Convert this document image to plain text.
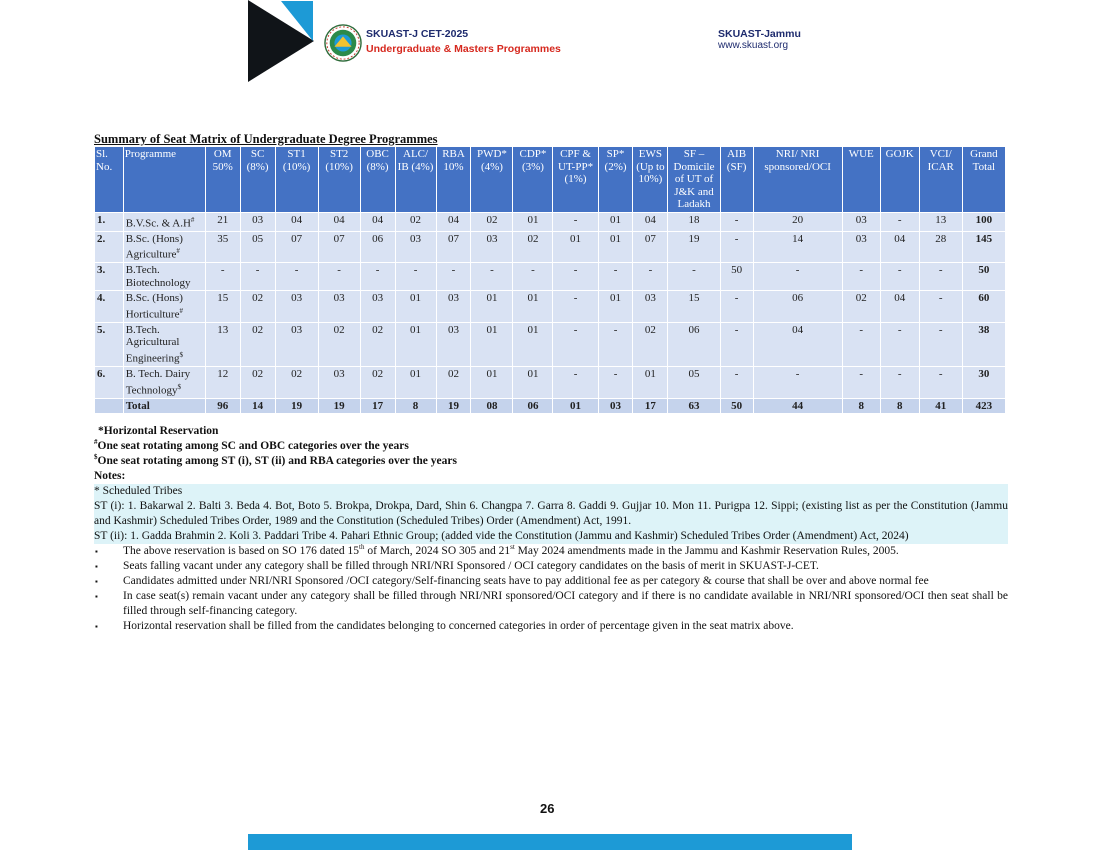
SKUAST-J CET-2025
Undergraduate & Masters Programmes
SKUAST-Jammu
www.skuast.org
Summary of Seat Matrix of Undergraduate Degree Programmes
Sl. No.	Programme	OM 50%	SC (8%)	ST1 (10%)	ST2 (10%)	OBC (8%)	ALC/ IB (4%)	RBA 10%	PWD* (4%)	CDP* (3%)	CPF & UT-PP* (1%)	SP* (2%)	EWS (Up to 10%)	SF – Domicile of UT of J&K and Ladakh	AIB (SF)	NRI/ NRI sponsored/OCI	WUE	GOJK	VCI/ ICAR	Grand Total
1.	B.V.Sc. & A.H#	21	03	04	04	04	02	04	02	01	-	01	04	18	-	20	03	-	13	100
2.	B.Sc. (Hons) Agriculture#	35	05	07	07	06	03	07	03	02	01	01	07	19	-	14	03	04	28	145
3.	B.Tech. Biotechnology	-	-	-	-	-	-	-	-	-	-	-	-	-	50	-	-	-	-	50
4.	B.Sc. (Hons) Horticulture#	15	02	03	03	03	01	03	01	01	-	01	03	15	-	06	02	04	-	60
5.	B.Tech. Agricultural Engineering$	13	02	03	02	02	01	03	01	01	-	-	02	06	-	04	-	-	-	38
6.	B. Tech. Dairy Technology$	12	02	02	03	02	01	02	01	01	-	-	01	05	-	-	-	-	-	30
	Total	96	14	19	19	17	8	19	08	06	01	03	17	63	50	44	8	8	41	423
*Horizontal Reservation
#One seat rotating among SC and OBC categories over the years
$One seat rotating among ST (i), ST (ii) and RBA categories over the years
Notes:
* Scheduled Tribes
ST (i): 1. Bakarwal 2. Balti 3. Beda 4. Bot, Boto 5. Brokpa, Drokpa, Dard, Shin 6. Changpa 7. Garra 8. Gaddi 9. Gujjar 10. Mon 11. Purigpa 12. Sippi; (existing list as per the Constitution (Jammu and Kashmir) Scheduled Tribes Order, 1989 and the Constitution (Scheduled Tribes) Order (Amendment) Act, 1991.
ST (ii): 1. Gadda Brahmin 2. Koli 3. Paddari Tribe 4. Pahari Ethnic Group; (added vide the Constitution (Jammu and Kashmir) Scheduled Tribes Order (Amendment) Act, 2024)
▪ The above reservation is based on SO 176 dated 15th of March, 2024 SO 305 and 21st May 2024 amendments made in the Jammu and Kashmir Reservation Rules, 2005.
▪ Seats falling vacant under any category shall be filled through NRI/NRI Sponsored / OCI category candidates on the basis of merit in SKUAST-J-CET.
▪ Candidates admitted under NRI/NRI Sponsored /OCI category/Self-financing seats have to pay additional fee as per category & course that shall be over and above normal fee
▪ In case seat(s) remain vacant under any category shall be filled through NRI/NRI sponsored/OCI category and if there is no candidate available in NRI/NRI sponsored/OCI then seat shall be filled through self-financing category.
▪ Horizontal reservation shall be filled from the candidates belonging to concerned categories in order of percentage given in the seat matrix above.
26
